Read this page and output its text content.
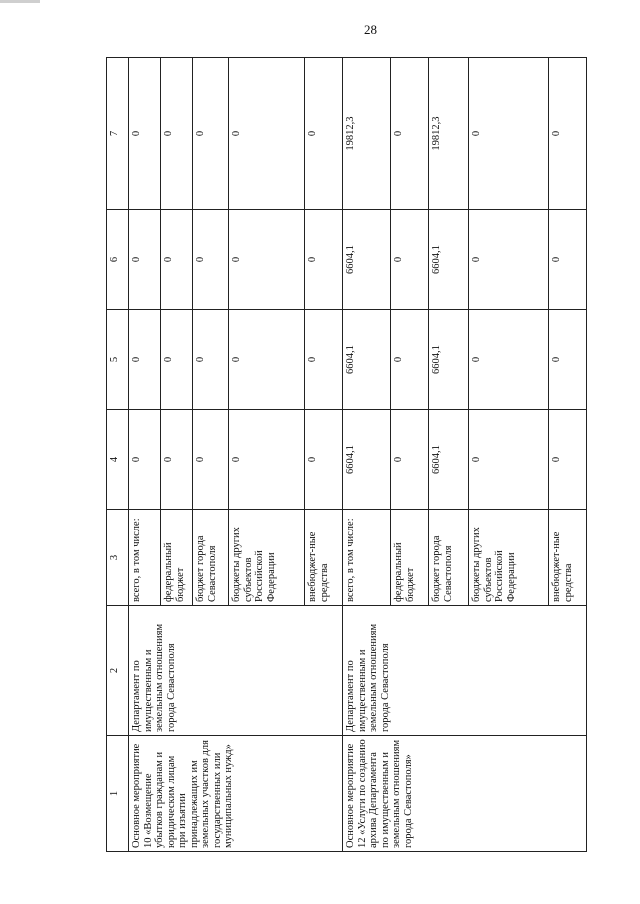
28
1	2	3	4	5	6	7
Основное мероприятие 10 «Возмещение убытков гражданам и юридическим лицам при изъятии принадлежащих им земельных участков для государственных или муниципальных нужд»	Департамент по имущественным и земельным отношениям города Севастополя	всего, в том числе:	0	0	0	0
		федеральный бюджет	0	0	0	0
		бюджет города Севастополя	0	0	0	0
		бюджеты других субъектов Российской Федерации	0	0	0	0
		внебюджет-ные средства	0	0	0	0
Основное мероприятие 12 «Услуги по созданию архива Департамента по имущественным и земельным отношениям города Севастополя»	Департамент по имущественным и земельным отношениям города Севастополя	всего, в том числе:	6604,1	6604,1	6604,1	19812,3
		федеральный бюджет	0	0	0	0
		бюджет города Севастополя	6604,1	6604,1	6604,1	19812,3
		бюджеты других субъектов Российской Федерации	0	0	0	0
		внебюджет-ные средства	0	0	0	0
